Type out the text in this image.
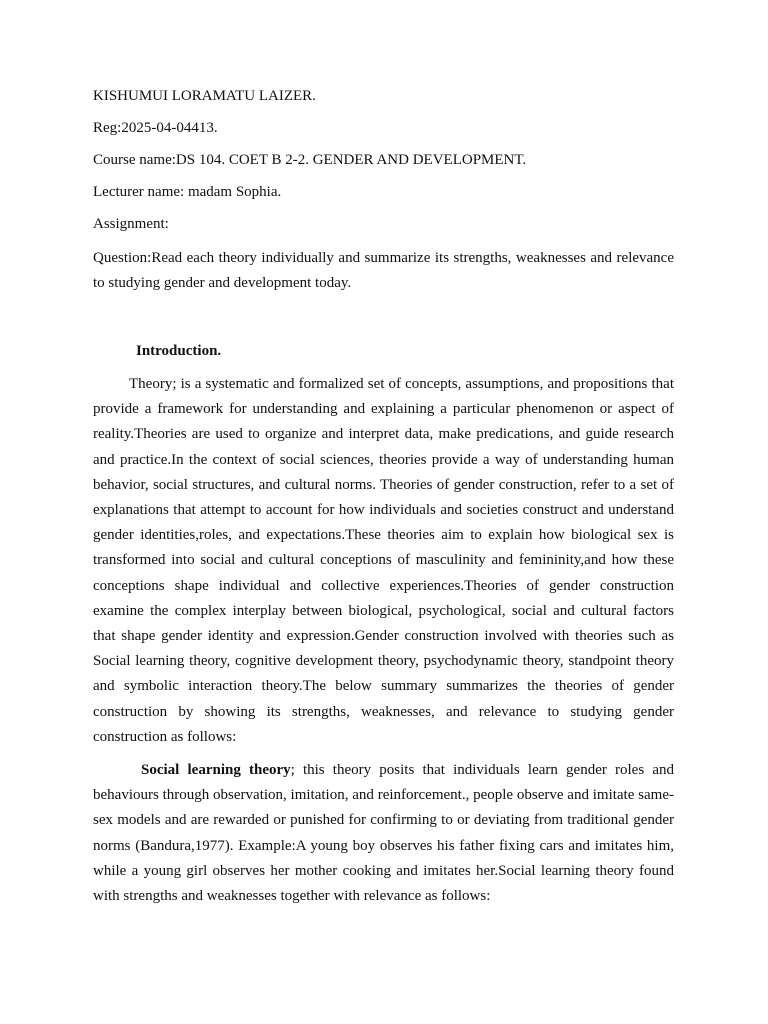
KISHUMUI LORAMATU LAIZER.

Reg:2025-04-04413.

Course name:DS 104. COET B 2-2. GENDER AND DEVELOPMENT.

Lecturer name: madam Sophia.

Assignment:

Question:Read each theory individually and summarize its strengths, weaknesses and relevance to studying gender and development today.

Introduction.

Theory; is a systematic and formalized set of concepts, assumptions, and propositions that provide a framework for understanding and explaining a particular phenomenon or aspect of reality.Theories are used to organize and interpret data, make predications, and guide research and practice.In the context of social sciences, theories provide a way of understanding human behavior, social structures, and cultural norms. Theories of gender construction, refer to a set of explanations that attempt to account for how individuals and societies construct and understand gender identities,roles, and expectations.These theories aim to explain how biological sex is transformed into social and cultural conceptions of masculinity and femininity,and how these conceptions shape individual and collective experiences.Theories of gender construction examine the complex interplay between biological, psychological, social and cultural factors that shape gender identity and expression.Gender construction involved with theories such as Social learning theory, cognitive development theory, psychodynamic theory, standpoint theory and symbolic interaction theory.The below summary summarizes the theories of gender construction by showing its strengths, weaknesses, and relevance to studying gender construction as follows:

Social learning theory; this theory posits that individuals learn gender roles and behaviours through observation, imitation, and reinforcement., people observe and imitate same-sex models and are rewarded or punished for confirming to or deviating from traditional gender norms (Bandura,1977). Example:A young boy observes his father fixing cars and imitates him, while a young girl observes her mother cooking and imitates her.Social learning theory found with strengths and weaknesses together with relevance as follows:
